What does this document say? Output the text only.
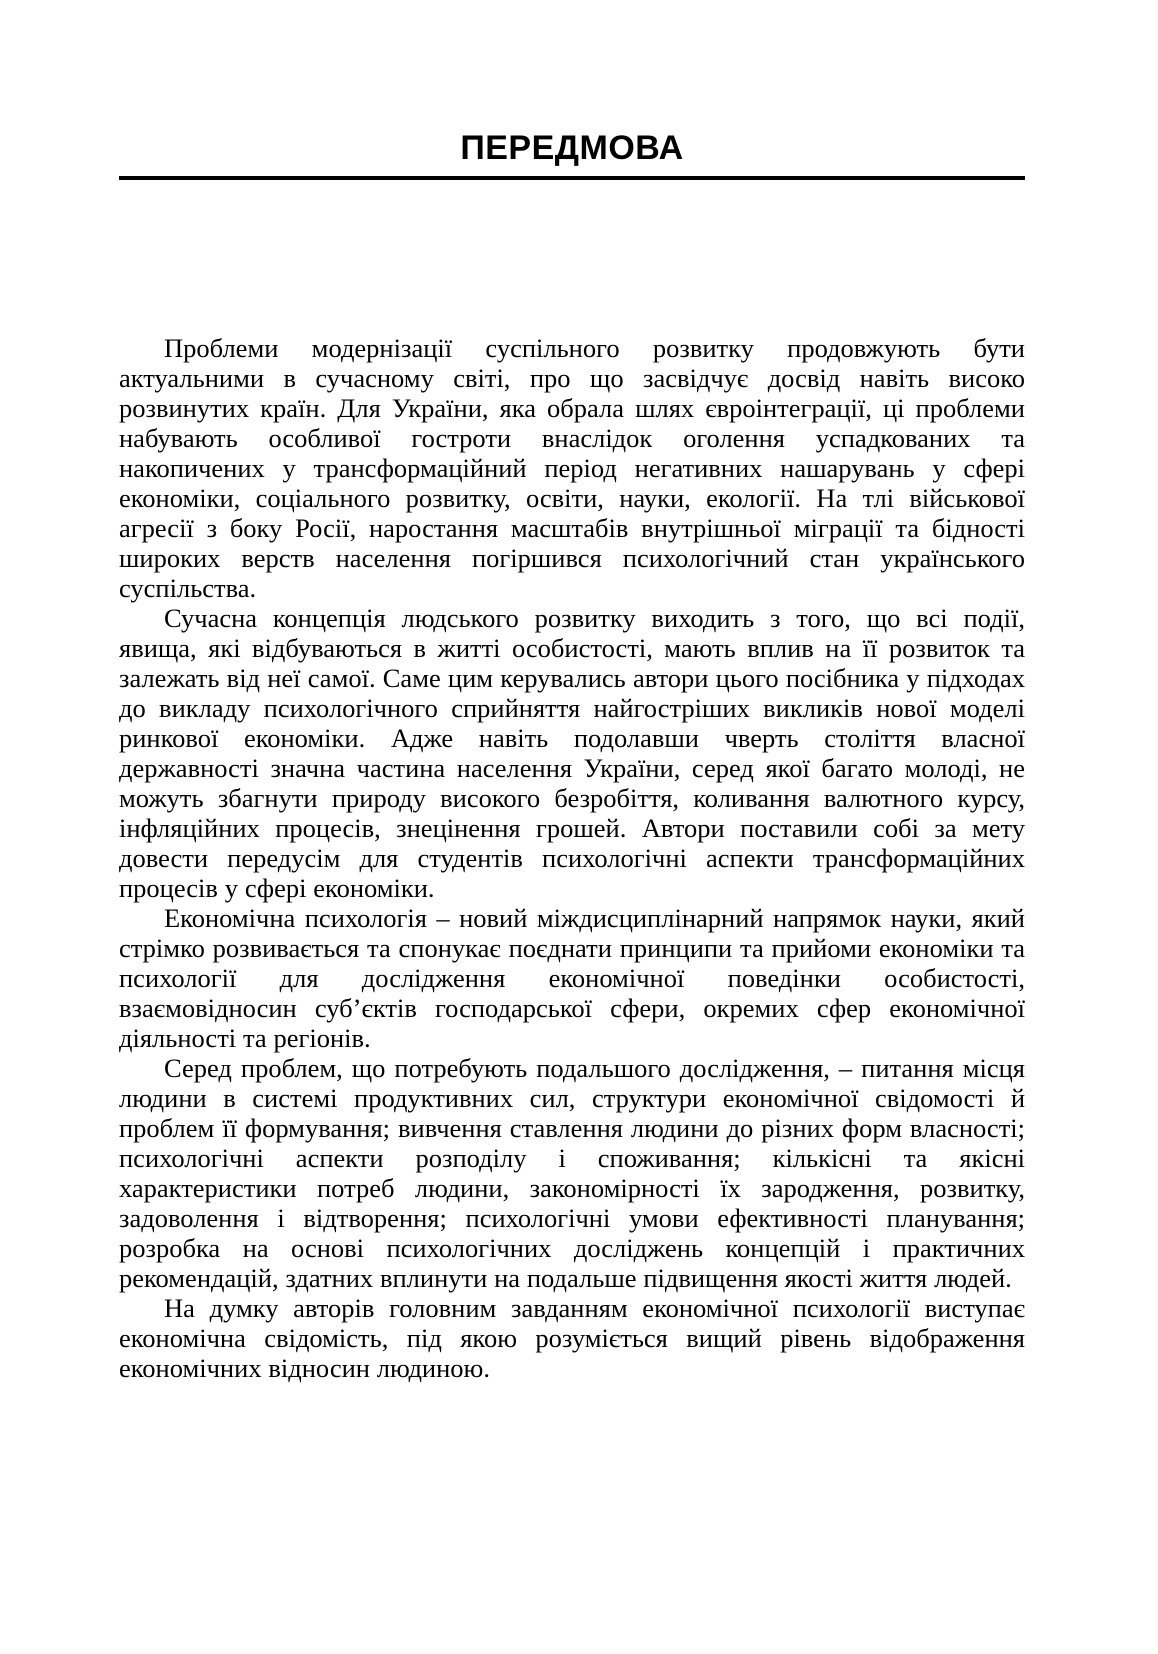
ПЕРЕДМОВА

Проблеми модернізації суспільного розвитку продовжують бути актуальними в сучасному світі, про що засвідчує досвід навіть високо розвинутих країн. Для України, яка обрала шлях євроінтеграції, ці проблеми набувають особливої гостроти внаслідок оголення успадкованих та накопичених у трансформаційний період негативних нашарувань у сфері економіки, соціального розвитку, освіти, науки, екології. На тлі військової агресії з боку Росії, наростання масштабів внутрішньої міграції та бідності широких верств населення погіршився психологічний стан українського суспільства.

Сучасна концепція людського розвитку виходить з того, що всі події, явища, які відбуваються в житті особистості, мають вплив на її розвиток та залежать від неї самої. Саме цим керувались автори цього посібника у підходах до викладу психологічного сприйняття найгостріших викликів нової моделі ринкової економіки. Адже навіть подолавши чверть століття власної державності значна частина населення України, серед якої багато молоді, не можуть збагнути природу високого безробіття, коливання валютного курсу, інфляційних процесів, знецінення грошей. Автори поставили собі за мету довести передусім для студентів психологічні аспекти трансформаційних процесів у сфері економіки.

Економічна психологія – новий міждисциплінарний напрямок науки, який стрімко розвивається та спонукає поєднати принципи та прийоми економіки та психології для дослідження економічної поведінки особистості, взаємовідносин суб’єктів господарської сфери, окремих сфер економічної діяльності та регіонів.

Серед проблем, що потребують подальшого дослідження, – питання місця людини в системі продуктивних сил, структури економічної свідомості й проблем її формування; вивчення ставлення людини до різних форм власності; психологічні аспекти розподілу і споживання; кількісні та якісні характеристики потреб людини, закономірності їх зародження, розвитку, задоволення і відтворення; психологічні умови ефективності планування; розробка на основі психологічних досліджень концепцій і практичних рекомендацій, здатних вплинути на подальше підвищення якості життя людей.

На думку авторів головним завданням економічної психології виступає економічна свідомість, під якою розуміється вищий рівень відображення економічних відносин людиною.
